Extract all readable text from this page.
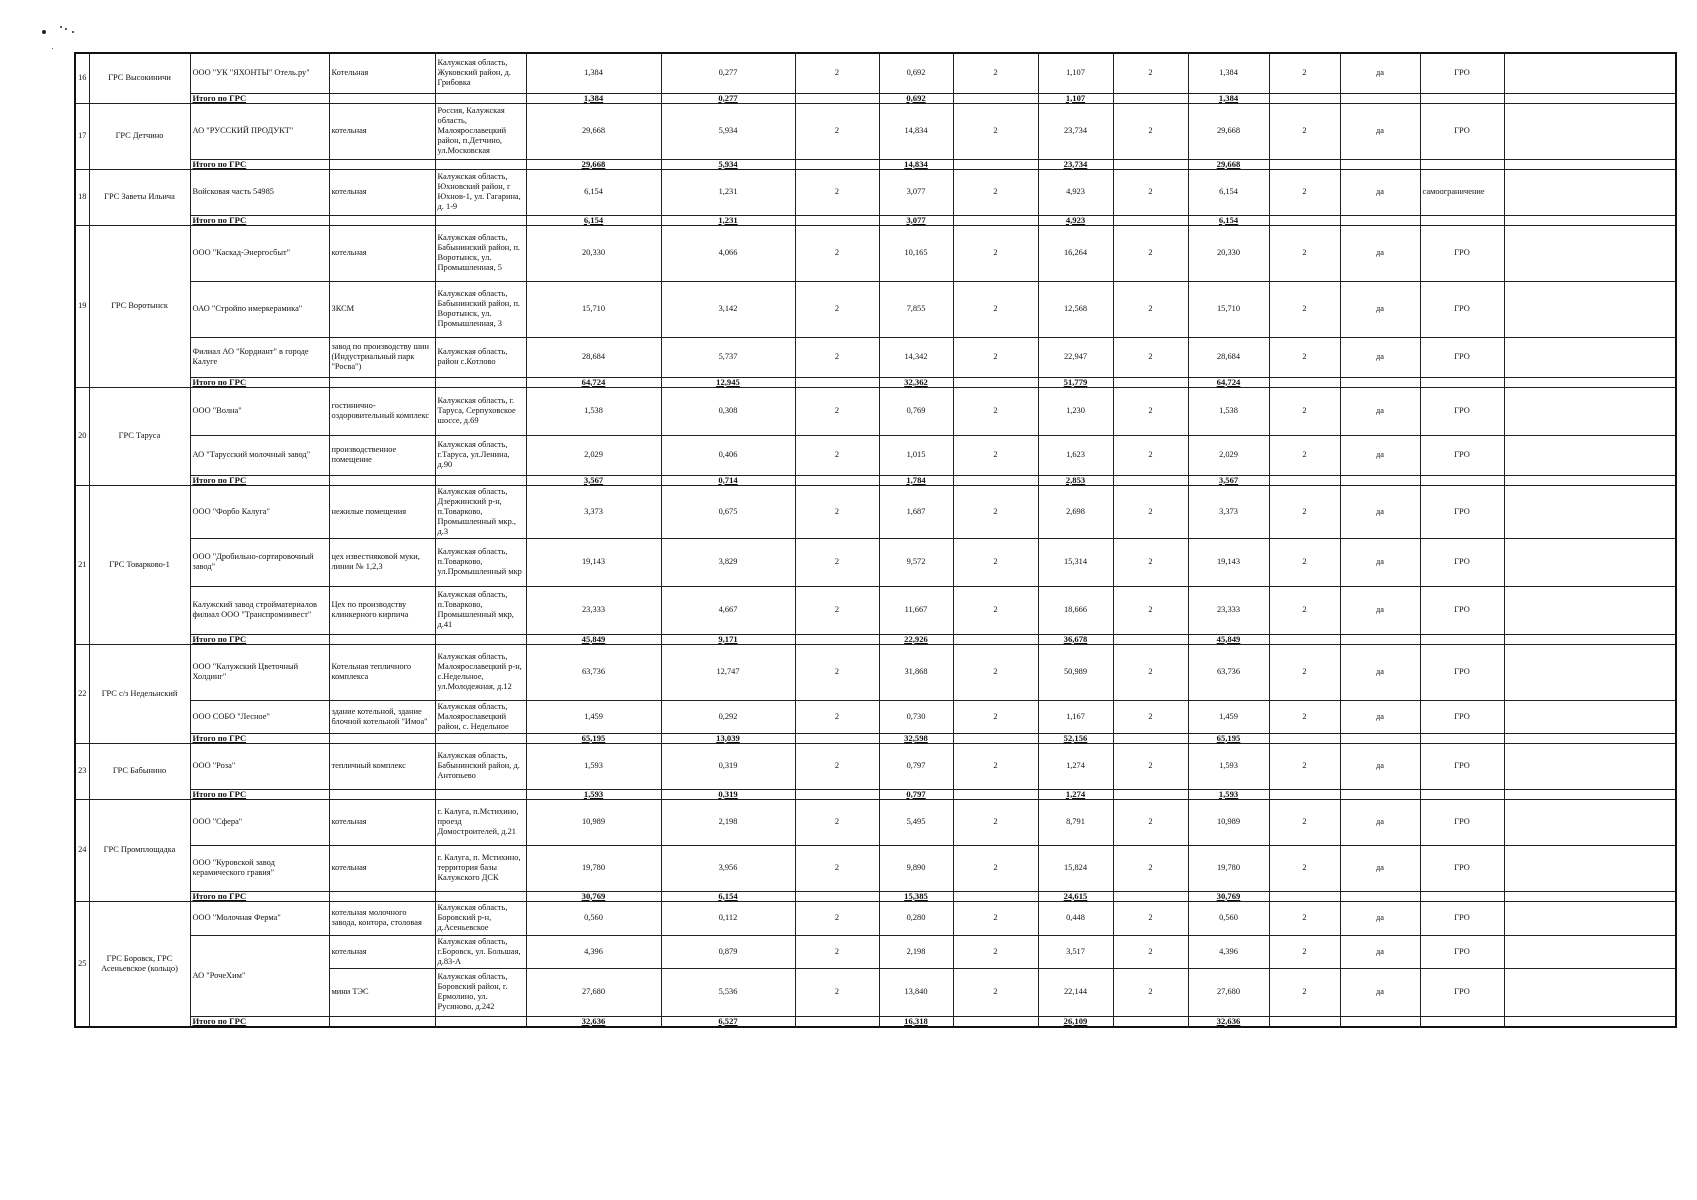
16	ГРС Высокиничи	ООО "УК "ЯХОНТЫ" Отель.ру"	Котельная	Калужская область, Жуковский район, д. Грибовка	1,384	0,277	2	0,692	2	1,107	2	1,384	2	да	ГРО	
		Итого по ГРС			1,384	0,277		0,692		1,107		1,384				
17	ГРС Детчино	АО "РУССКИЙ ПРОДУКТ"	котельная	Россия, Калужская область, Малоярославецкий район, п.Детчино, ул.Московская	29,668	5,934	2	14,834	2	23,734	2	29,668	2	да	ГРО	
		Итого по ГРС			29,668	5,934		14,834		23,734		29,668				
18	ГРС Заветы Ильича	Войсковая часть 54985	котельная	Калужская область, Юхновский район, г Юхнов-1, ул. Гагарина, д. 1-9	6,154	1,231	2	3,077	2	4,923	2	6,154	2	да	самоограничение	
		Итого по ГРС			6,154	1,231		3,077		4,923		6,154				
19	ГРС Воротынск	ООО "Каскад-Энергосбыт"	котельная	Калужская область, Бабынинский район, п. Воротынск, ул. Промышленная, 5	20,330	4,066	2	10,165	2	16,264	2	20,330	2	да	ГРО	
		ОАО "Стройпо имеркерамика"	ЗКСМ	Калужская область, Бабынинский район, п. Воротынск, ул. Промышленная, 3	15,710	3,142	2	7,855	2	12,568	2	15,710	2	да	ГРО	
		Филиал АО "Кордиант" в городе Калуге	завод по производству шин (Индустриальный парк "Росва")	Калужская область, район с.Котлово	28,684	5,737	2	14,342	2	22,947	2	28,684	2	да	ГРО	
		Итого по ГРС			64,724	12,945		32,362		51,779		64,724				
20	ГРС Таруса	ООО "Волна"	гостинично-оздоровительный комплекс	Калужская область, г. Таруса, Серпуховское шоссе, д.69	1,538	0,308	2	0,769	2	1,230	2	1,538	2	да	ГРО	
		АО "Тарусский молочный завод"	производственное помещение	Калужская область, г.Таруса, ул.Ленина, д.90	2,029	0,406	2	1,015	2	1,623	2	2,029	2	да	ГРО	
		Итого по ГРС			3,567	0,714		1,784		2,853		3,567				
21	ГРС Товарково-1	ООО "Форбо Калуга"	нежилые помещения	Калужская область, Дзержинский р-н, п.Товарково, Промышленный мкр., д.3	3,373	0,675	2	1,687	2	2,698	2	3,373	2	да	ГРО	
		ООО "Дробильно-сортировочный завод"	цех известняковой муки, линии № 1,2,3	Калужская область, п.Товарково, ул.Промышленный мкр	19,143	3,829	2	9,572	2	15,314	2	19,143	2	да	ГРО	
		Калужский завод стройматериалов филиал ООО "Транспромиивест"	Цех по производству клинкерного кирпича	Калужская область, п.Товарково, Промышленный мкр, д.41	23,333	4,667	2	11,667	2	18,666	2	23,333	2	да	ГРО	
		Итого по ГРС			45,849	9,171		22,926		36,678		45,849				
22	ГРС с/з Недельнский	ООО "Калужский Цветочный Холдинг"	Котельная тепличного комплекса	Калужская область, Малоярославецкий р-н, с.Недельное, ул.Молодежная, д.12	63,736	12,747	2	31,868	2	50,989	2	63,736	2	да	ГРО	
		ООО СОБО "Лесное"	здание котельной, здание блочной котельной "Имоа"	Калужская область, Малоярославецкий район, с. Недельное	1,459	0,292	2	0,730	2	1,167	2	1,459	2	да	ГРО	
		Итого по ГРС			65,195	13,039		32,598		52,156		65,195				
23	ГРС Бабынино	ООО "Роза"	тепличный комплекс	Калужская область, Бабынинский район, д. Антопьево	1,593	0,319	2	0,797	2	1,274	2	1,593	2	да	ГРО	
		Итого по ГРС			1,593	0,319		0,797		1,274		1,593				
24	ГРС Промплощадка	ООО "Сфера"	котельная	г. Калуга, п.Мстихино, проезд Домостроителей, д.21	10,989	2,198	2	5,495	2	8,791	2	10,989	2	да	ГРО	
		ООО "Куровской завод керамического гравия"	котельная	г. Калуга, п. Мстихино, территория базы Калужского ДСК	19,780	3,956	2	9,890	2	15,824	2	19,780	2	да	ГРО	
		Итого по ГРС			30,769	6,154		15,385		24,615		30,769				
25	ГРС Боровск, ГРС Асеньевское (кольцо)	ООО "Молочная Ферма"	котельная молочного завода, контора, столовая	Калужская область, Боровский р-н, д.Асеньевское	0,560	0,112	2	0,280	2	0,448	2	0,560	2	да	ГРО	
		АО "РочеХим"	котельная	Калужская область, г.Боровск, ул. Большая, д.83-А	4,396	0,879	2	2,198	2	3,517	2	4,396	2	да	ГРО	
			мини ТЭС	Калужская область, Боровский район, г. Ермолино, ул. Русиново, д.242	27,680	5,536	2	13,840	2	22,144	2	27,680	2	да	ГРО	
		Итого по ГРС			32,636	6,527		16,318		26,109		32,636				
